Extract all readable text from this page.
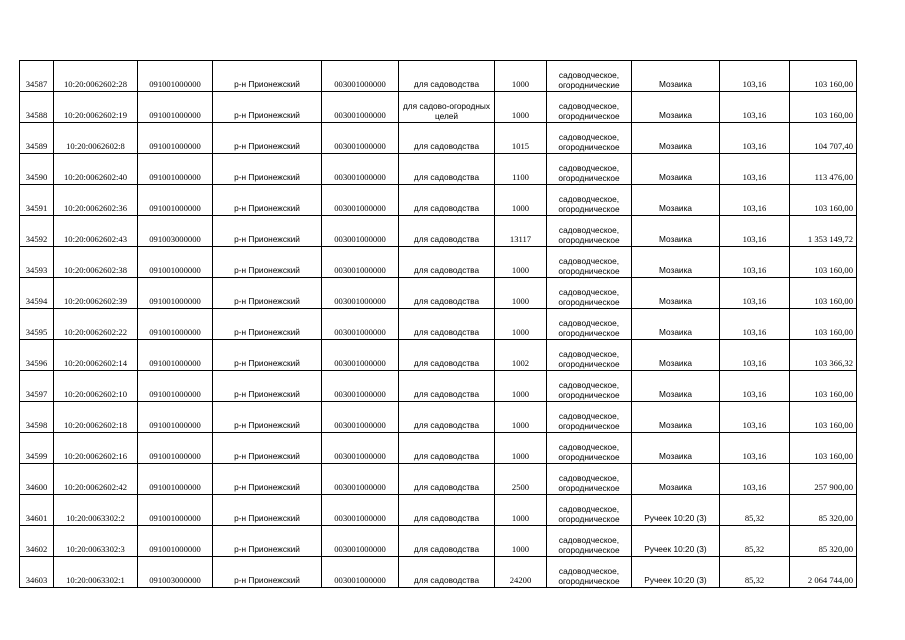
34587	10:20:0062602:28	091001000000	р-н Прионежский	003001000000	для садоводства	1000	садоводческое, огороднические	Мозаика	103,16	103 160,00
34588	10:20:0062602:19	091001000000	р-н Прионежский	003001000000	для садово-огородных целей	1000	садоводческое, огородническое	Мозаика	103,16	103 160,00
34589	10:20:0062602:8	091001000000	р-н Прионежский	003001000000	для садоводства	1015	садоводческое, огородническое	Мозаика	103,16	104 707,40
34590	10:20:0062602:40	091001000000	р-н Прионежский	003001000000	для садоводства	1100	садоводческое, огородническое	Мозаика	103,16	113 476,00
34591	10:20:0062602:36	091001000000	р-н Прионежский	003001000000	для садоводства	1000	садоводческое, огородническое	Мозаика	103,16	103 160,00
34592	10:20:0062602:43	091003000000	р-н Прионежский	003001000000	для садоводства	13117	садоводческое, огородническое	Мозаика	103,16	1 353 149,72
34593	10:20:0062602:38	091001000000	р-н Прионежский	003001000000	для садоводства	1000	садоводческое, огородническое	Мозаика	103,16	103 160,00
34594	10:20:0062602:39	091001000000	р-н Прионежский	003001000000	для садоводства	1000	садоводческое, огородническое	Мозаика	103,16	103 160,00
34595	10:20:0062602:22	091001000000	р-н Прионежский	003001000000	для садоводства	1000	садоводческое, огородническое	Мозаика	103,16	103 160,00
34596	10:20:0062602:14	091001000000	р-н Прионежский	003001000000	для садоводства	1002	садоводческое, огородническое	Мозаика	103,16	103 366,32
34597	10:20:0062602:10	091001000000	р-н Прионежский	003001000000	для садоводства	1000	садоводческое, огородническое	Мозаика	103,16	103 160,00
34598	10:20:0062602:18	091001000000	р-н Прионежский	003001000000	для садоводства	1000	садоводческое, огородническое	Мозаика	103,16	103 160,00
34599	10:20:0062602:16	091001000000	р-н Прионежский	003001000000	для садоводства	1000	садоводческое, огородническое	Мозаика	103,16	103 160,00
34600	10:20:0062602:42	091001000000	р-н Прионежский	003001000000	для садоводства	2500	садоводческое, огородническое	Мозаика	103,16	257 900,00
34601	10:20:0063302:2	091001000000	р-н Прионежский	003001000000	для садоводства	1000	садоводческое, огородническое	Ручеек 10:20 (3)	85,32	85 320,00
34602	10:20:0063302:3	091001000000	р-н Прионежский	003001000000	для садоводства	1000	садоводческое, огородническое	Ручеек 10:20 (3)	85,32	85 320,00
34603	10:20:0063302:1	091003000000	р-н Прионежский	003001000000	для садоводства	24200	садоводческое, огородническое	Ручеек 10:20 (3)	85,32	2 064 744,00
